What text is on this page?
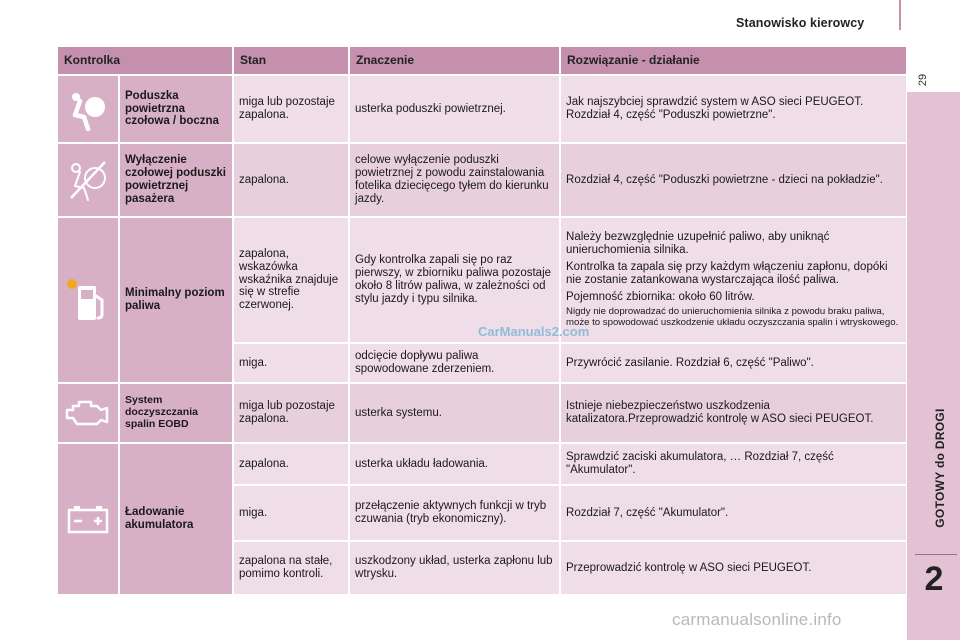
Stanowisko kierowcy
29
GOTOWY do DROGI
2
Kontrolka		Stan	Znaczenie	Rozwiązanie - działanie

	Poduszka powietrzna czołowa / boczna	miga lub pozostaje zapalona.	usterka poduszki powietrznej.	Jak najszybciej sprawdzić system w ASO sieci PEUGEOT. Rozdział 4, część "Poduszki powietrzne".

	Wyłączenie czołowej poduszki powietrznej pasażera	zapalona.	celowe wyłączenie poduszki powietrznej z powodu zainstalowania fotelika dziecięcego tyłem do kierunku jazdy.	Rozdział 4, część "Poduszki powietrzne - dzieci na pokładzie".

	Minimalny poziom paliwa	zapalona, wskazówka wskaźnika znajduje się w strefie czerwonej.	Gdy kontrolka zapali się po raz pierwszy, w zbiorniku paliwa pozostaje około 8 litrów paliwa, w zależności od stylu jazdy i typu silnika.	Należy bezwzględnie uzupełnić paliwo, aby uniknąć unieruchomienia silnika.

Kontrolka ta zapala się przy każdym włączeniu zapłonu, dopóki nie zostanie zatankowana wystarczająca ilość paliwa.

Pojemność zbiornika: około 60 litrów.

Nigdy nie doprowadzać do unieruchomienia silnika z powodu braku paliwa, może to spowodować uszkodzenie układu oczyszczania spalin i wtryskowego.

		miga.	odcięcie dopływu paliwa spowodowane zderzeniem.	Przywrócić zasilanie. Rozdział 6, część "Paliwo".

	System doczyszczania spalin EOBD	miga lub pozostaje zapalona.	usterka systemu.	Istnieje niebezpieczeństwo uszkodzenia katalizatora.Przeprowadzić kontrolę w ASO sieci PEUGEOT.

	Ładowanie akumulatora	zapalona.	usterka układu ładowania.	Sprawdzić zaciski akumulatora, … Rozdział 7, część "Akumulator".
		miga.	przełączenie aktywnych funkcji w tryb czuwania (tryb ekonomiczny).	Rozdział 7, część "Akumulator".
		zapalona na stałe, pomimo kontroli.	uszkodzony układ, usterka zapłonu lub wtrysku.	Przeprowadzić kontrolę w ASO sieci PEUGEOT.
CarManuals2.com
carmanualsonline.info
